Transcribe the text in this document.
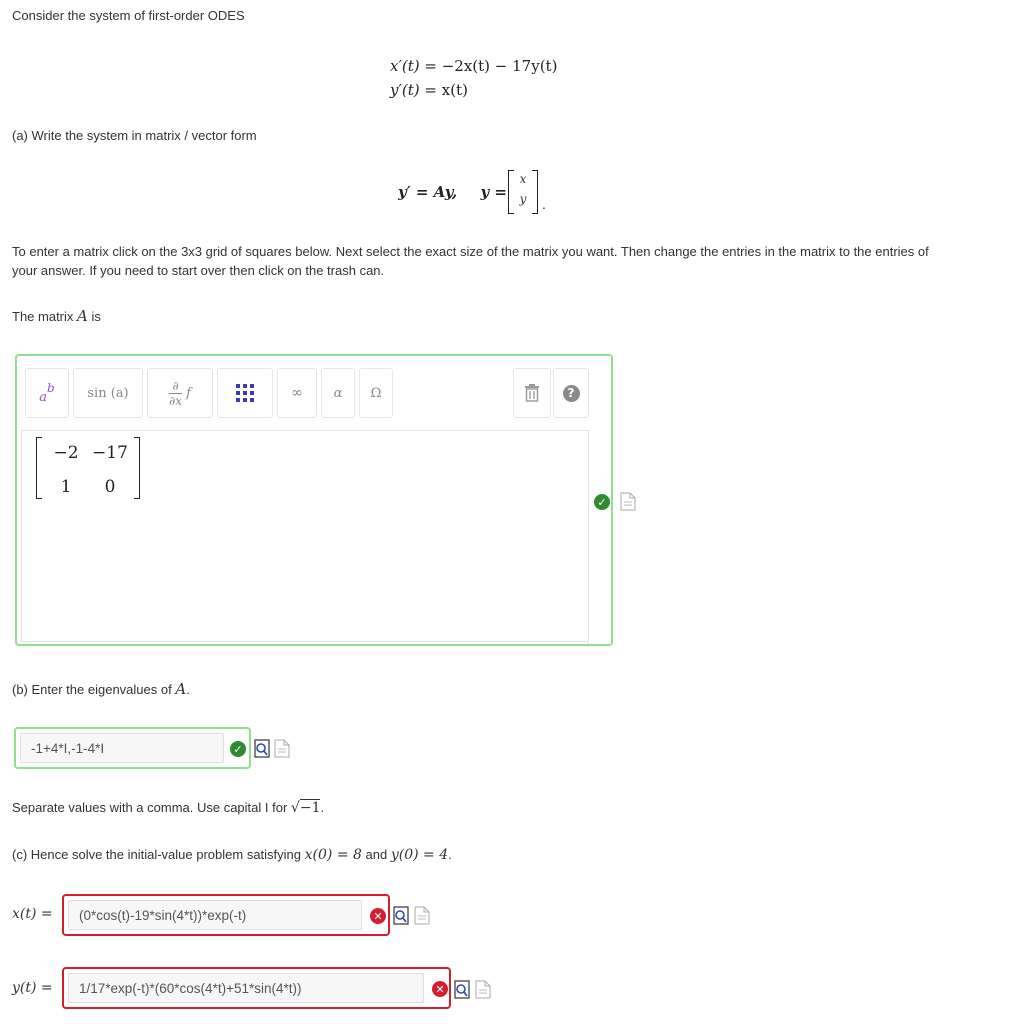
Consider the system of first-order ODES
x′(t) = −2x(t) − 17y(t)
y′(t) = x(t)
(a) Write the system in matrix / vector form
y′ = Ay, y =
x
y	.
To enter a matrix click on the 3x3 grid of squares below. Next select the exact size of the matrix you want. Then change the entries in the matrix to the entries of your answer. If you need to start over then click on the trash can.
The matrix A is
a
b	sin (a)	∂
∂x f	∞	α	Ω	?
−2 −17
1	0
✓
(b) Enter the eigenvalues of A.
-1+4*I,-1-4*I	✓
Separate values with a comma. Use capital I for √−1.
(c) Hence solve the initial-value problem satisfying x(0) = 8 and y(0) = 4.
x(t) =	(0*cos(t)-19*sin(4*t))*exp(-t)	✕
y(t) =	1/17*exp(-t)*(60*cos(4*t)+51*sin(4*t))	✕
